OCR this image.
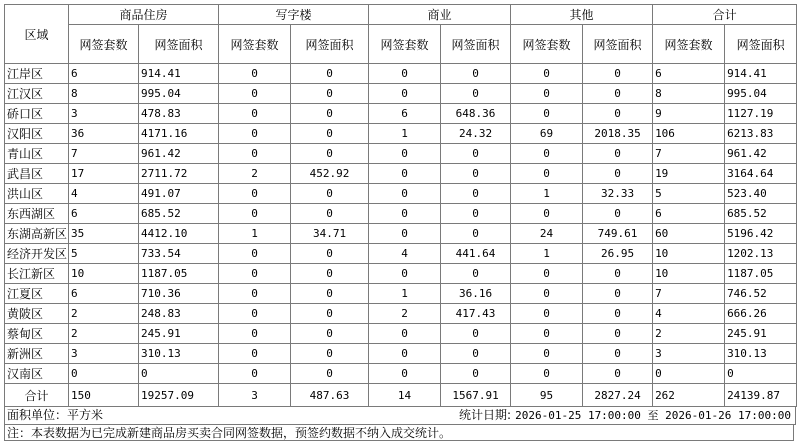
区域	商品住房		写字楼		商业		其他		合计	
	网签套数	网签面积	网签套数	网签面积	网签套数	网签面积	网签套数	网签面积	网签套数	网签面积
江岸区	6	914.41	0	0	0	0	0	0	6	914.41
江汉区	8	995.04	0	0	0	0	0	0	8	995.04
硚口区	3	478.83	0	0	6	648.36	0	0	9	1127.19
汉阳区	36	4171.16	0	0	1	24.32	69	2018.35	106	6213.83
青山区	7	961.42	0	0	0	0	0	0	7	961.42
武昌区	17	2711.72	2	452.92	0	0	0	0	19	3164.64
洪山区	4	491.07	0	0	0	0	1	32.33	5	523.40
东西湖区	6	685.52	0	0	0	0	0	0	6	685.52
东湖高新区	35	4412.10	1	34.71	0	0	24	749.61	60	5196.42
经济开发区	5	733.54	0	0	4	441.64	1	26.95	10	1202.13
长江新区	10	1187.05	0	0	0	0	0	0	10	1187.05
江夏区	6	710.36	0	0	1	36.16	0	0	7	746.52
黄陂区	2	248.83	0	0	2	417.43	0	0	4	666.26
蔡甸区	2	245.91	0	0	0	0	0	0	2	245.91
新洲区	3	310.13	0	0	0	0	0	0	3	310.13
汉南区	0	0	0	0	0	0	0	0	0	0
合计	150	19257.09	3	487.63	14	1567.91	95	2827.24	262	24139.87
面积单位：平方米	统计日期: 2026-01-25 17:00:00 至 2026-01-26 17:00:00
注：本表数据为已完成新建商品房买卖合同网签数据，预签约数据不纳入成交统计。
